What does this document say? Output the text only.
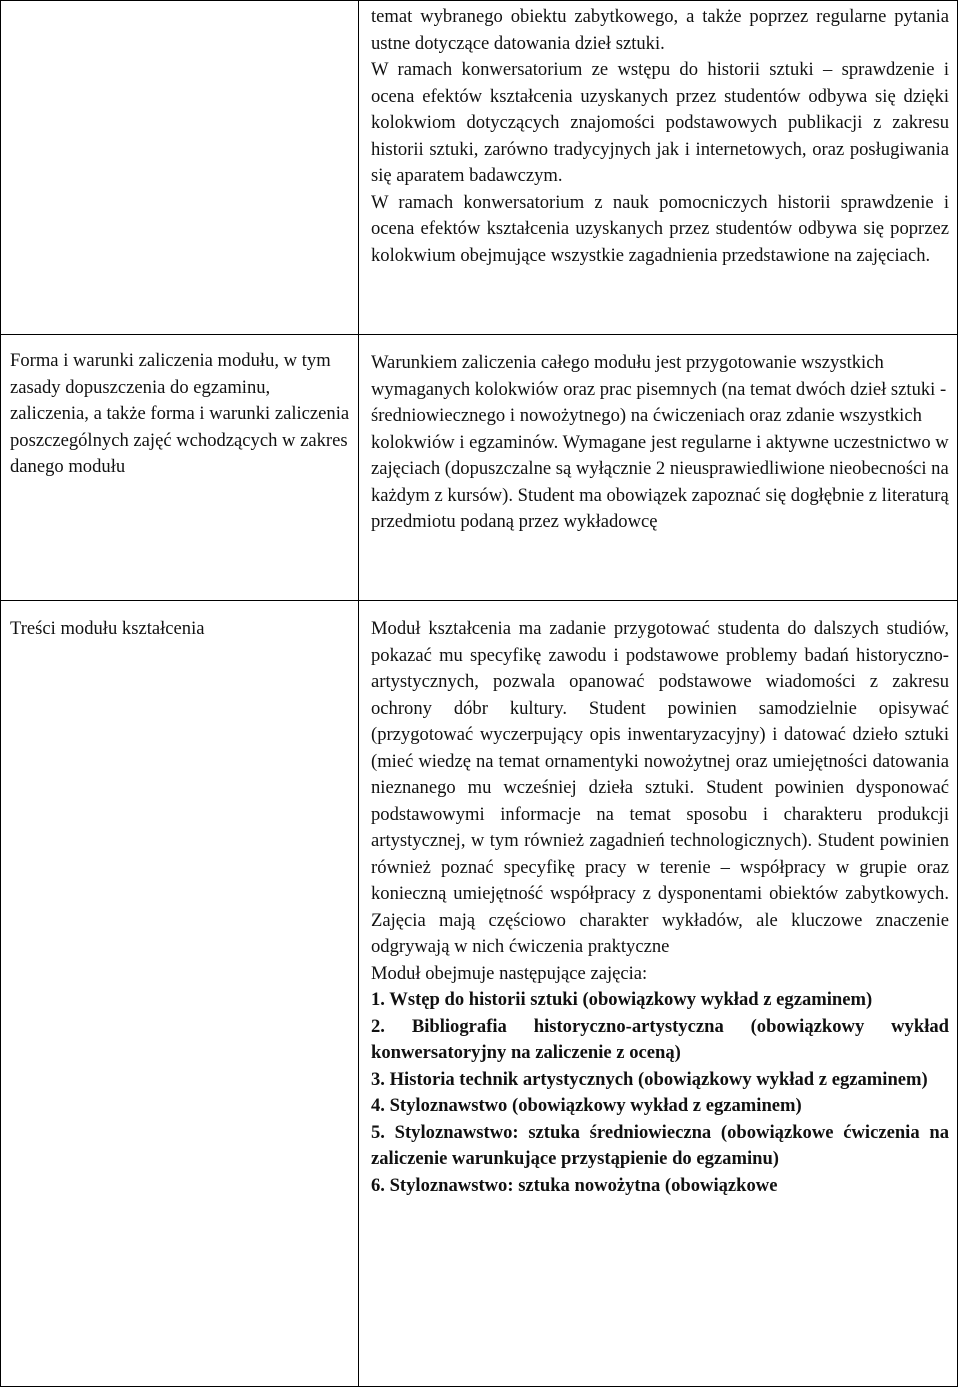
temat wybranego obiektu zabytkowego, a także poprzez regularne pytania ustne dotyczące datowania dzieł sztuki.

W ramach konwersatorium ze wstępu do historii sztuki – sprawdzenie i ocena efektów kształcenia uzyskanych przez studentów odbywa się dzięki kolokwiom dotyczących znajomości podstawowych publikacji z zakresu historii sztuki, zarówno tradycyjnych jak i internetowych, oraz posługiwania się aparatem badawczym.

W ramach konwersatorium z nauk pomocniczych historii sprawdzenie i ocena efektów kształcenia uzyskanych przez studentów odbywa się poprzez kolokwium obejmujące wszystkie zagadnienia przedstawione na zajęciach.

Forma i warunki zaliczenia modułu, w tym zasady dopuszczenia do egzaminu, zaliczenia, a także forma i warunki zaliczenia poszczególnych zajęć wchodzących w zakres danego modułu

Warunkiem zaliczenia całego modułu jest przygotowanie wszystkich wymaganych kolokwiów oraz prac pisemnych (na temat dwóch dzieł sztuki - średniowiecznego i nowożytnego) na ćwiczeniach oraz zdanie wszystkich kolokwiów i egzaminów. Wymagane jest regularne i aktywne uczestnictwo w zajęciach (dopuszczalne są wyłącznie 2 nieusprawiedliwione nieobecności na każdym z kursów). Student ma obowiązek zapoznać się dogłębnie z literaturą przedmiotu podaną przez wykładowcę

Treści modułu kształcenia	Moduł kształcenia ma zadanie przygotować studenta do dalszych studiów, pokazać mu specyfikę zawodu i podstawowe problemy badań historyczno-artystycznych, pozwala opanować podstawowe wiadomości z zakresu ochrony dóbr kultury. Student powinien samodzielnie opisywać (przygotować wyczerpujący opis inwentaryzacyjny) i datować dzieło sztuki (mieć wiedzę na temat ornamentyki nowożytnej oraz umiejętności datowania nieznanego mu wcześniej dzieła sztuki. Student powinien dysponować podstawowymi informacje na temat sposobu i charakteru produkcji artystycznej, w tym również zagadnień technologicznych). Student powinien również poznać specyfikę pracy w terenie – współpracy w grupie oraz konieczną umiejętność współpracy z dysponentami obiektów zabytkowych. Zajęcia mają częściowo charakter wykładów, ale kluczowe znaczenie odgrywają w nich ćwiczenia praktyczne

Moduł obejmuje następujące zajęcia:

1. Wstęp do historii sztuki (obowiązkowy wykład z egzaminem)
2. Bibliografia historyczno-artystyczna (obowiązkowy wykład konwersatoryjny na zaliczenie z oceną)
3. Historia technik artystycznych (obowiązkowy wykład z egzaminem)
4. Styloznawstwo (obowiązkowy wykład z egzaminem)
5. Styloznawstwo: sztuka średniowieczna (obowiązkowe ćwiczenia na zaliczenie warunkujące przystąpienie do egzaminu)
6. Styloznawstwo: sztuka nowożytna (obowiązkowe
